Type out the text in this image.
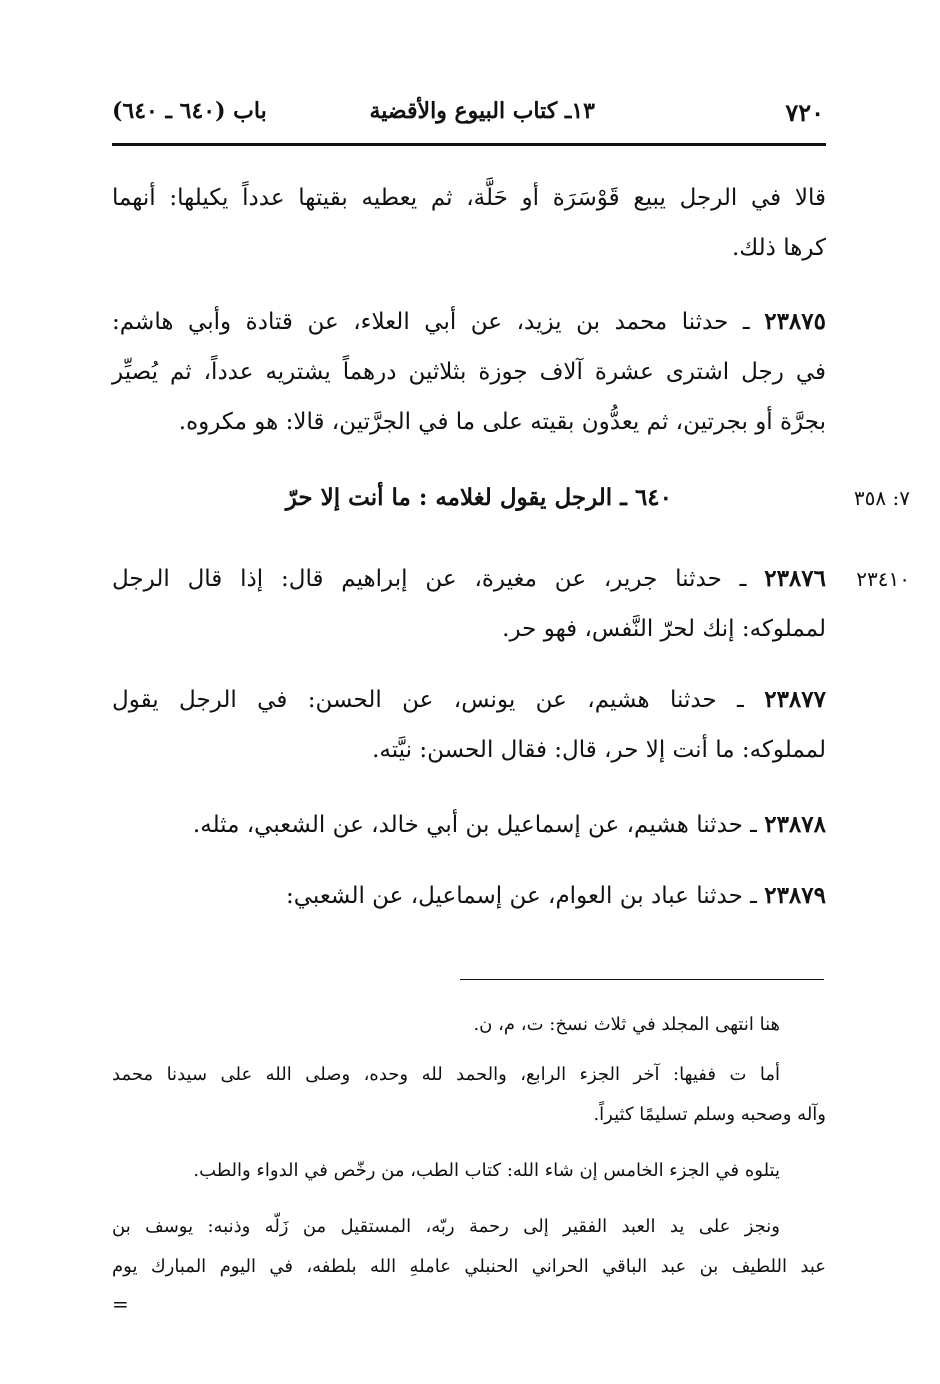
٧٢٠
١٣ـ كتاب البيوع والأقضية
باب (٦٤٠ ـ ٦٤٠)
قالا في الرجل يبيع قَوْسَرَة أو حَلَّة، ثم يعطيه بقيتها عدداً يكيلها: أنهما
كرها ذلك.
٢٣٨٧٥ ـ حدثنا محمد بن يزيد، عن أبي العلاء، عن قتادة وأبي هاشم:
في رجل اشترى عشرة آلاف جوزة بثلاثين درهماً يشتريه عدداً، ثم يُصيِّر
بجرَّة أو بجرتين، ثم يعدُّون بقيته على ما في الجرَّتين، قالا: هو مكروه.
٧: ٣٥٨
٦٤٠ ـ الرجل يقول لغلامه : ما أنت إلا حرّ
٢٣٤١٠
٢٣٨٧٦ ـ حدثنا جرير، عن مغيرة، عن إبراهيم قال: إذا قال الرجل
لمملوكه: إنك لحرّ النَّفس، فهو حر.
٢٣٨٧٧ ـ حدثنا هشيم، عن يونس، عن الحسن: في الرجل يقول
لمملوكه: ما أنت إلا حر، قال: فقال الحسن: نيَّته.
٢٣٨٧٨ ـ حدثنا هشيم، عن إسماعيل بن أبي خالد، عن الشعبي، مثله.
٢٣٨٧٩ ـ حدثنا عباد بن العوام، عن إسماعيل، عن الشعبي:
هنا انتهى المجلد في ثلاث نسخ: ت، م، ن.
أما ت ففيها: آخر الجزء الرابع، والحمد لله وحده، وصلى الله على سيدنا محمد
وآله وصحبه وسلم تسليمًا كثيراً.
يتلوه في الجزء الخامس إن شاء الله: كتاب الطب، من رخّص في الدواء والطب.
ونجز على يد العبد الفقير إلى رحمة ربّه، المستقيل من زَلّه وذنبه: يوسف بن
عبد اللطيف بن عبد الباقي الحراني الحنبلي عاملهِ الله بلطفه، في اليوم المبارك يوم
=
